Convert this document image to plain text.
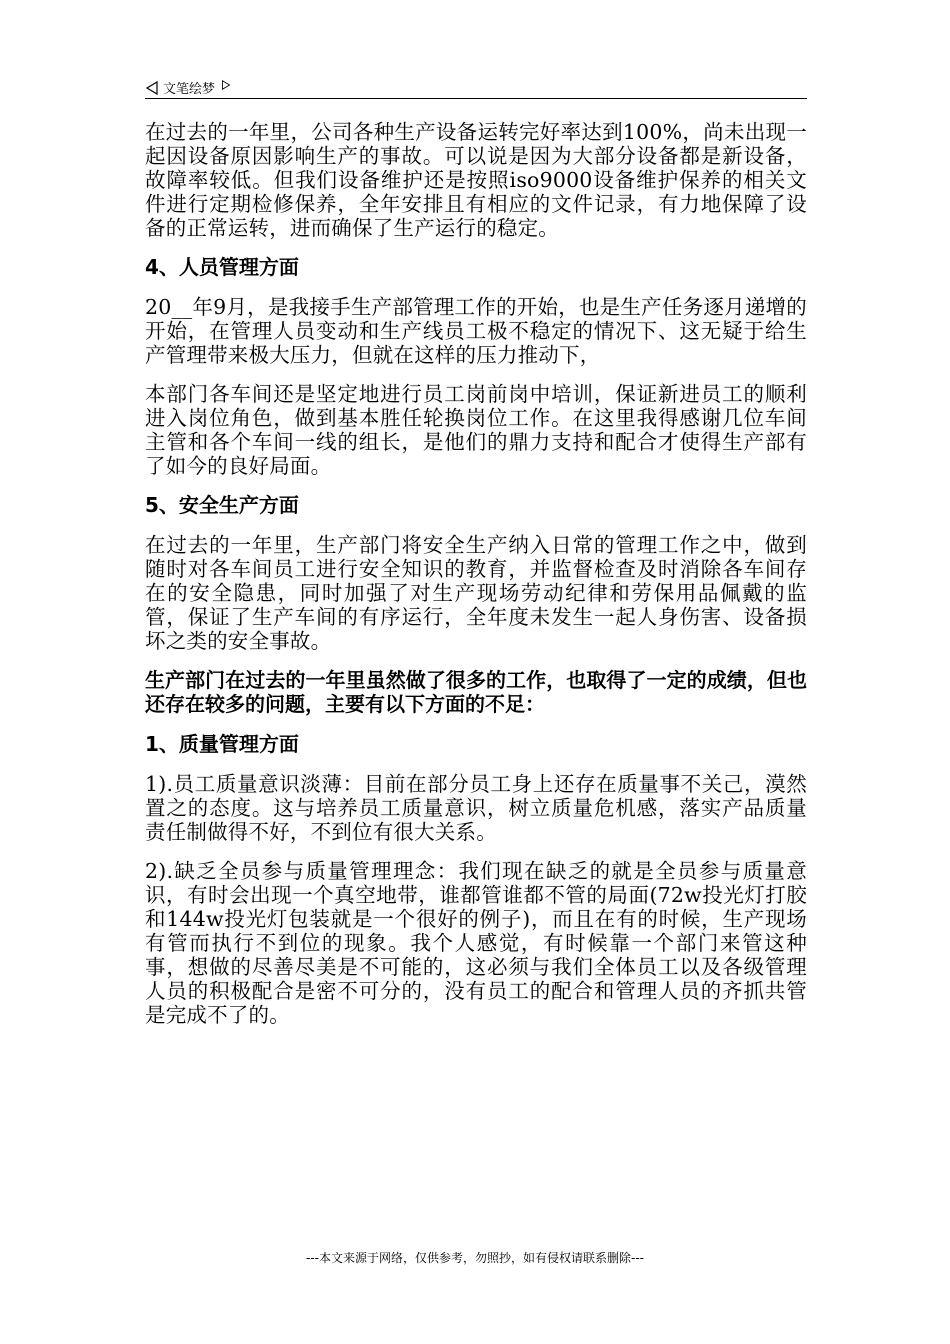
文笔绘梦

在过去的一年里，公司各种生产设备运转完好率达到100%，尚未出现一起因设备原因影响生产的事故。可以说是因为大部分设备都是新设备，故障率较低。但我们设备维护还是按照iso9000设备维护保养的相关文件进行定期检修保养，全年安排且有相应的文件记录，有力地保障了设备的正常运转，进而确保了生产运行的稳定。

4、人员管理方面

20__年9月，是我接手生产部管理工作的开始，也是生产任务逐月递增的开始，在管理人员变动和生产线员工极不稳定的情况下、这无疑于给生产管理带来极大压力，但就在这样的压力推动下，

本部门各车间还是坚定地进行员工岗前岗中培训，保证新进员工的顺利进入岗位角色，做到基本胜任轮换岗位工作。在这里我得感谢几位车间主管和各个车间一线的组长，是他们的鼎力支持和配合才使得生产部有了如今的良好局面。

5、安全生产方面

在过去的一年里，生产部门将安全生产纳入日常的管理工作之中，做到随时对各车间员工进行安全知识的教育，并监督检查及时消除各车间存在的安全隐患，同时加强了对生产现场劳动纪律和劳保用品佩戴的监管，保证了生产车间的有序运行，全年度未发生一起人身伤害、设备损坏之类的安全事故。

生产部门在过去的一年里虽然做了很多的工作，也取得了一定的成绩，但也还存在较多的问题，主要有以下方面的不足：
1、质量管理方面

1).员工质量意识淡薄：目前在部分员工身上还存在质量事不关己，漠然置之的态度。这与培养员工质量意识，树立质量危机感，落实产品质量责任制做得不好，不到位有很大关系。

2).缺乏全员参与质量管理理念：我们现在缺乏的就是全员参与质量意识，有时会出现一个真空地带，谁都管谁都不管的局面(72w投光灯打胶和144w投光灯包装就是一个很好的例子)，而且在有的时候，生产现场有管而执行不到位的现象。我个人感觉，有时候靠一个部门来管这种事，想做的尽善尽美是不可能的，这必须与我们全体员工以及各级管理人员的积极配合是密不可分的，没有员工的配合和管理人员的齐抓共管是完成不了的。

---本文来源于网络，仅供参考，勿照抄，如有侵权请联系删除---
